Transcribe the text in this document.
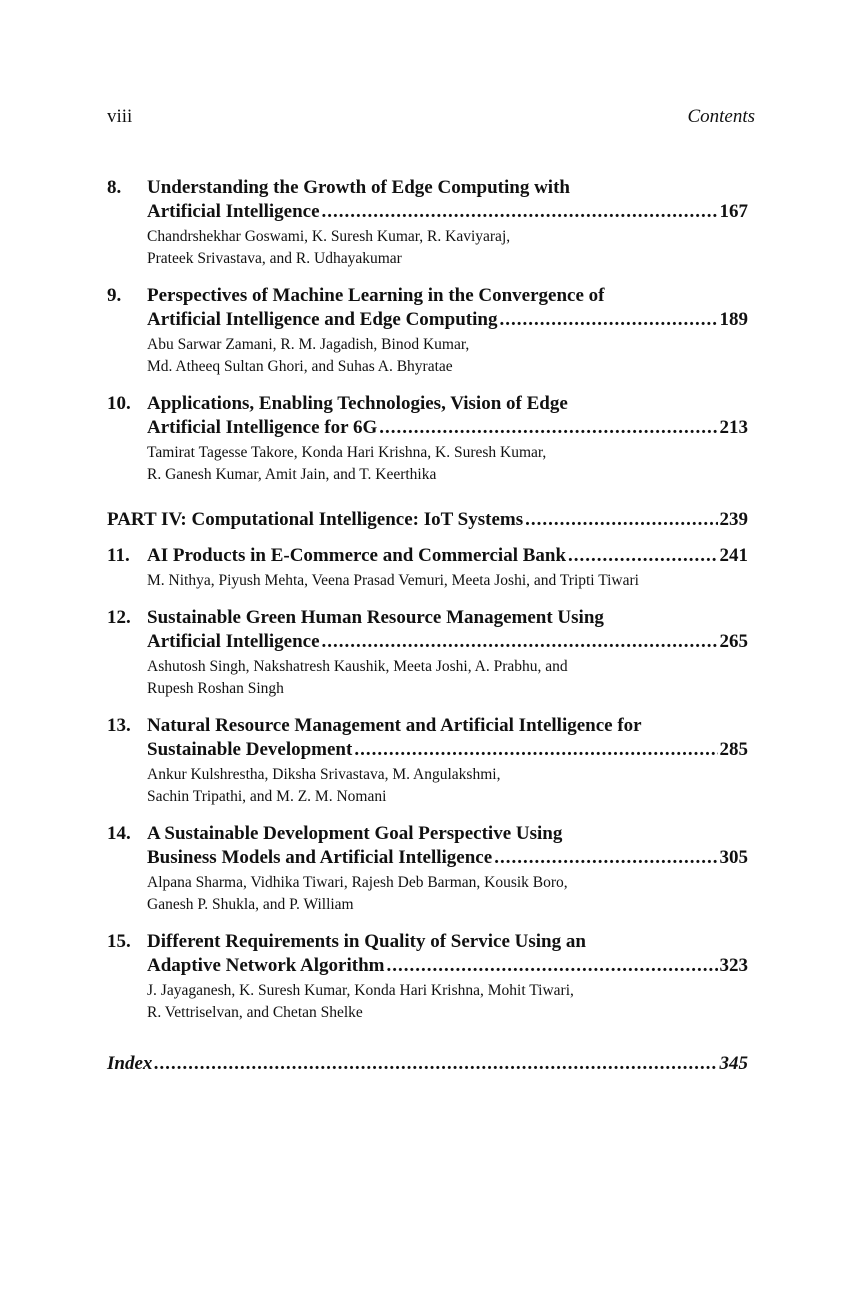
viii	Contents
8.	Understanding the Growth of Edge Computing with
Artificial Intelligence .....	167
Chandrshekhar Goswami, K. Suresh Kumar, R. Kaviyaraj,
Prateek Srivastava, and R. Udhayakumar
9.	Perspectives of Machine Learning in the Convergence of
Artificial Intelligence and Edge Computing .....	189
Abu Sarwar Zamani, R. M. Jagadish, Binod Kumar,
Md. Atheeq Sultan Ghori, and Suhas A. Bhyratae
10. Applications, Enabling Technologies, Vision of Edge
Artificial Intelligence for 6G .....	213
Tamirat Tagesse Takore, Konda Hari Krishna, K. Suresh Kumar,
R. Ganesh Kumar, Amit Jain, and T. Keerthika
PART IV: Computational Intelligence: IoT Systems .....	239
11. AI Products in E-Commerce and Commercial Bank .....	241
M. Nithya, Piyush Mehta, Veena Prasad Vemuri, Meeta Joshi, and Tripti Tiwari
12. Sustainable Green Human Resource Management Using
Artificial Intelligence .....	265
Ashutosh Singh, Nakshatresh Kaushik, Meeta Joshi, A. Prabhu, and
Rupesh Roshan Singh
13. Natural Resource Management and Artificial Intelligence for
Sustainable Development .....	285
Ankur Kulshrestha, Diksha Srivastava, M. Angulakshmi,
Sachin Tripathi, and M. Z. M. Nomani
14. A Sustainable Development Goal Perspective Using
Business Models and Artificial Intelligence .....	305
Alpana Sharma, Vidhika Tiwari, Rajesh Deb Barman, Kousik Boro,
Ganesh P. Shukla, and P. William
15. Different Requirements in Quality of Service Using an
Adaptive Network Algorithm .....	323
J. Jayaganesh, K. Suresh Kumar, Konda Hari Krishna, Mohit Tiwari,
R. Vettriselvan, and Chetan Shelke
Index .....	345
